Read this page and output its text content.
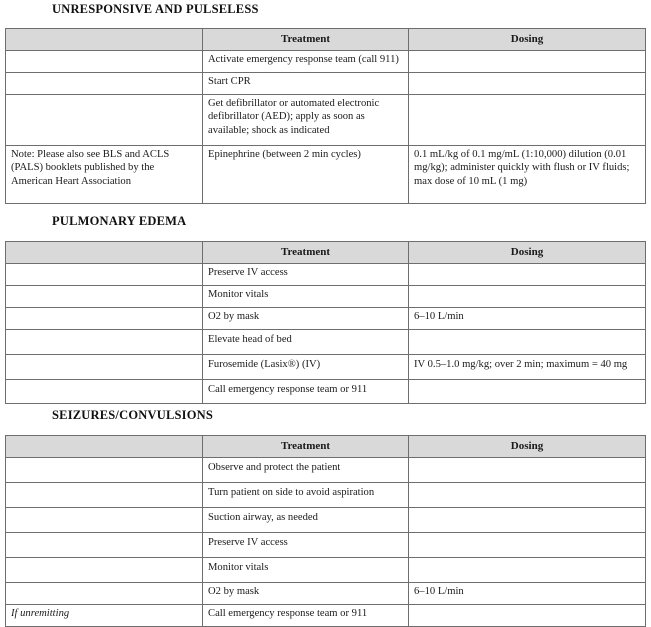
UNRESPONSIVE AND PULSELESS
	Treatment	Dosing
	Activate emergency response team (call 911)	
	Start CPR	
	Get defibrillator or automated electronic defibrillator (AED); apply as soon as available; shock as indicated	
Note: Please also see BLS and ACLS (PALS) booklets published by the American Heart Association	Epinephrine (between 2 min cycles)	0.1 mL/kg of 0.1 mg/mL (1:10,000) dilution (0.01 mg/kg); administer quickly with flush or IV fluids; max dose of 10 mL (1 mg)
PULMONARY EDEMA
	Treatment	Dosing
	Preserve IV access	
	Monitor vitals	
	O2 by mask	6–10 L/min
	Elevate head of bed	
	Furosemide (Lasix®) (IV)	IV 0.5–1.0 mg/kg; over 2 min; maximum = 40 mg
	Call emergency response team or 911	
SEIZURES/CONVULSIONS
	Treatment	Dosing
	Observe and protect the patient	
	Turn patient on side to avoid aspiration	
	Suction airway, as needed	
	Preserve IV access	
	Monitor vitals	
	O2 by mask	6–10 L/min
If unremitting	Call emergency response team or 911	
